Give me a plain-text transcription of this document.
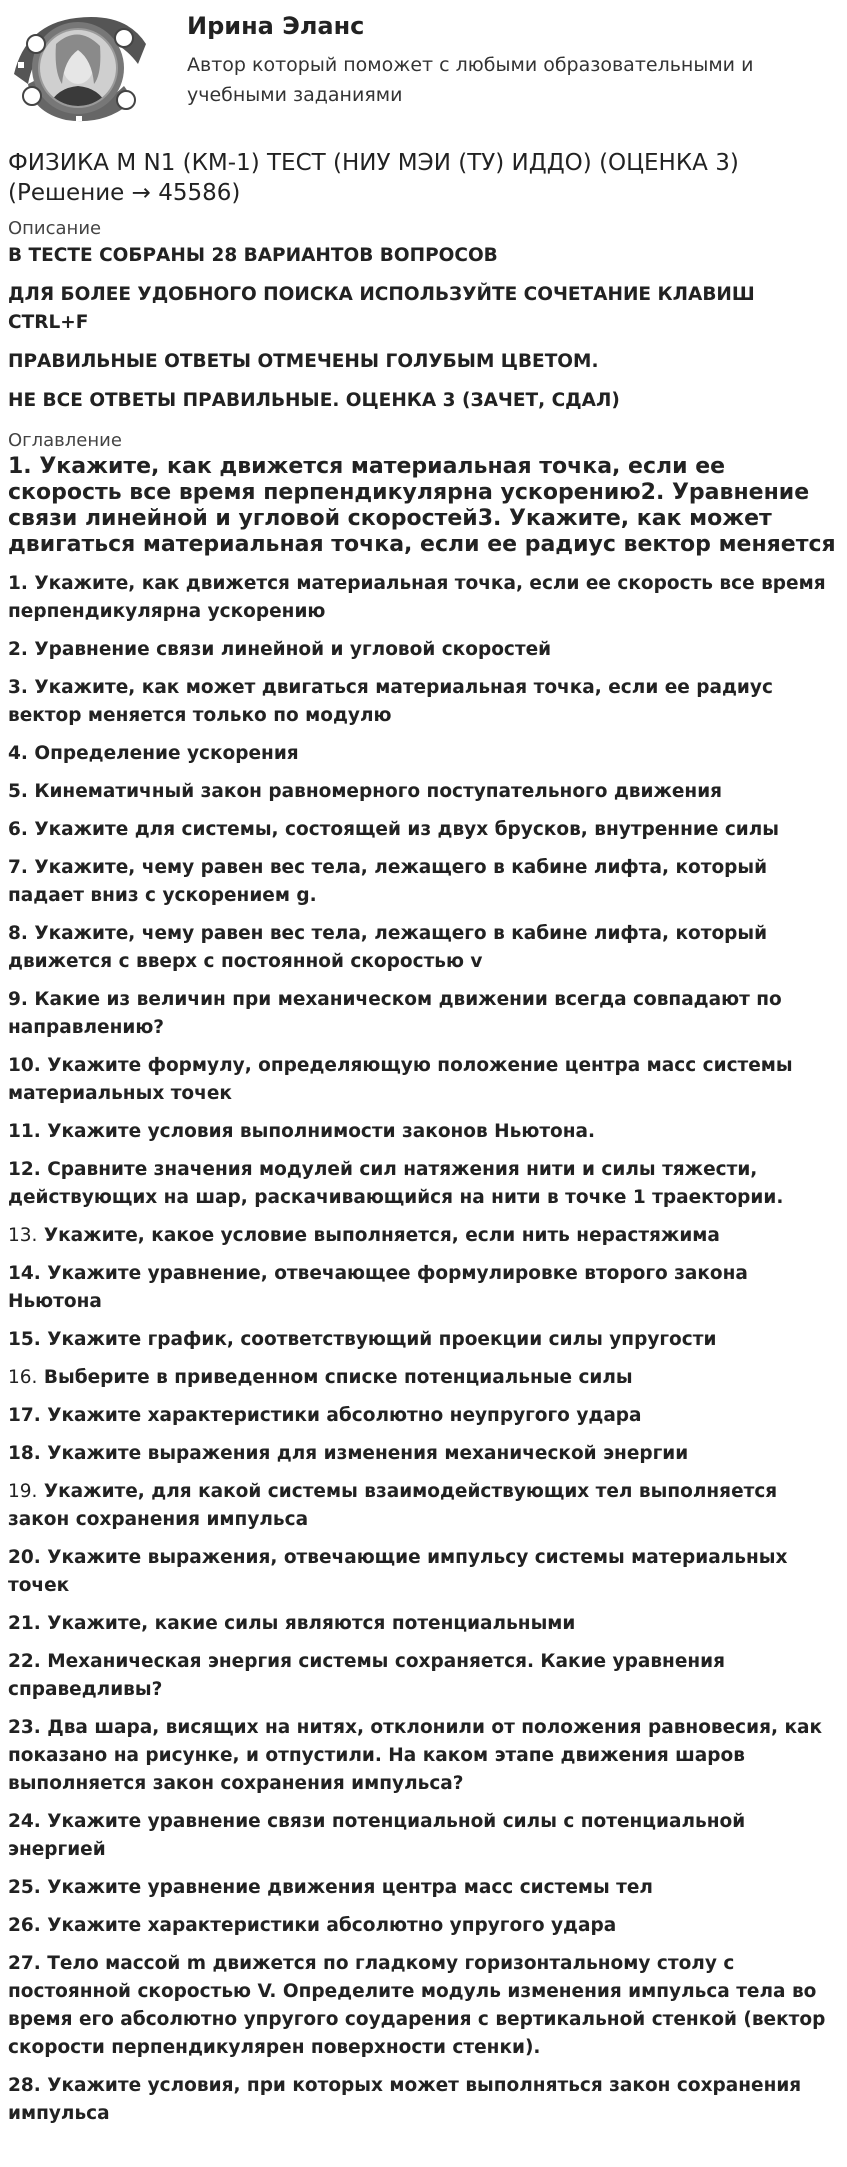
Ирина Эланс
Автор который поможет с любыми образовательными и учебными заданиями
ФИЗИКА М N1 (КМ-1) ТЕСТ (НИУ МЭИ (ТУ) ИДДО) (ОЦЕНКА 3) (Решение → 45586)
Описание

В ТЕСТЕ СОБРАНЫ 28 ВАРИАНТОВ ВОПРОСОВ

ДЛЯ БОЛЕЕ УДОБНОГО ПОИСКА ИСПОЛЬЗУЙТЕ СОЧЕТАНИЕ КЛАВИШ CTRL+F

ПРАВИЛЬНЫЕ ОТВЕТЫ ОТМЕЧЕНЫ ГОЛУБЫМ ЦВЕТОМ.

НЕ ВСЕ ОТВЕТЫ ПРАВИЛЬНЫЕ. ОЦЕНКА 3 (ЗАЧЕТ, СДАЛ)

Оглавление
1. Укажите, как движется материальная точка, если ее скорость все время перпендикулярна ускорению2. Уравнение связи линейной и угловой скоростей3. Укажите, как может двигаться материальная точка, если ее радиус вектор меняется
1. Укажите, как движется материальная точка, если ее скорость все время перпендикулярна ускорению
2. Уравнение связи линейной и угловой скоростей
3. Укажите, как может двигаться материальная точка, если ее радиус вектор меняется только по модулю
4. Определение ускорения
5. Кинематичный закон равномерного поступательного движения
6. Укажите для системы, состоящей из двух брусков, внутренние силы
7. Укажите, чему равен вес тела, лежащего в кабине лифта, который падает вниз с ускорением g.
8. Укажите, чему равен вес тела, лежащего в кабине лифта, который движется с вверх с постоянной скоростью v
9. Какие из величин при механическом движении всегда совпадают по направлению?
10. Укажите формулу, определяющую положение центра масс системы материальных точек
11. Укажите условия выполнимости законов Ньютона.
12. Сравните значения модулей сил натяжения нити и силы тяжести, действующих на шар, раскачивающийся на нити в точке 1 траектории.
13. Укажите, какое условие выполняется, если нить нерастяжима
14. Укажите уравнение, отвечающее формулировке второго закона Ньютона
15. Укажите график, соответствующий проекции силы упругости
16. Выберите в приведенном списке потенциальные силы
17. Укажите характеристики абсолютно неупругого удара
18. Укажите выражения для изменения механической энергии
19. Укажите, для какой системы взаимодействующих тел выполняется закон сохранения импульса
20. Укажите выражения, отвечающие импульсу системы материальных точек
21. Укажите, какие силы являются потенциальными
22. Механическая энергия системы сохраняется. Какие уравнения справедливы?
23. Два шара, висящих на нитях, отклонили от положения равновесия, как показано на рисунке, и отпустили. На каком этапе движения шаров выполняется закон сохранения импульса?
24. Укажите уравнение связи потенциальной силы с потенциальной энергией
25. Укажите уравнение движения центра масс системы тел
26. Укажите характеристики абсолютно упругого удара
27. Тело массой m движется по гладкому горизонтальному столу с постоянной скоростью V. Определите модуль изменения импульса тела во время его абсолютно упругого соударения с вертикальной стенкой (вектор скорости перпендикулярен поверхности стенки).
28. Укажите условия, при которых может выполняться закон сохранения импульса
